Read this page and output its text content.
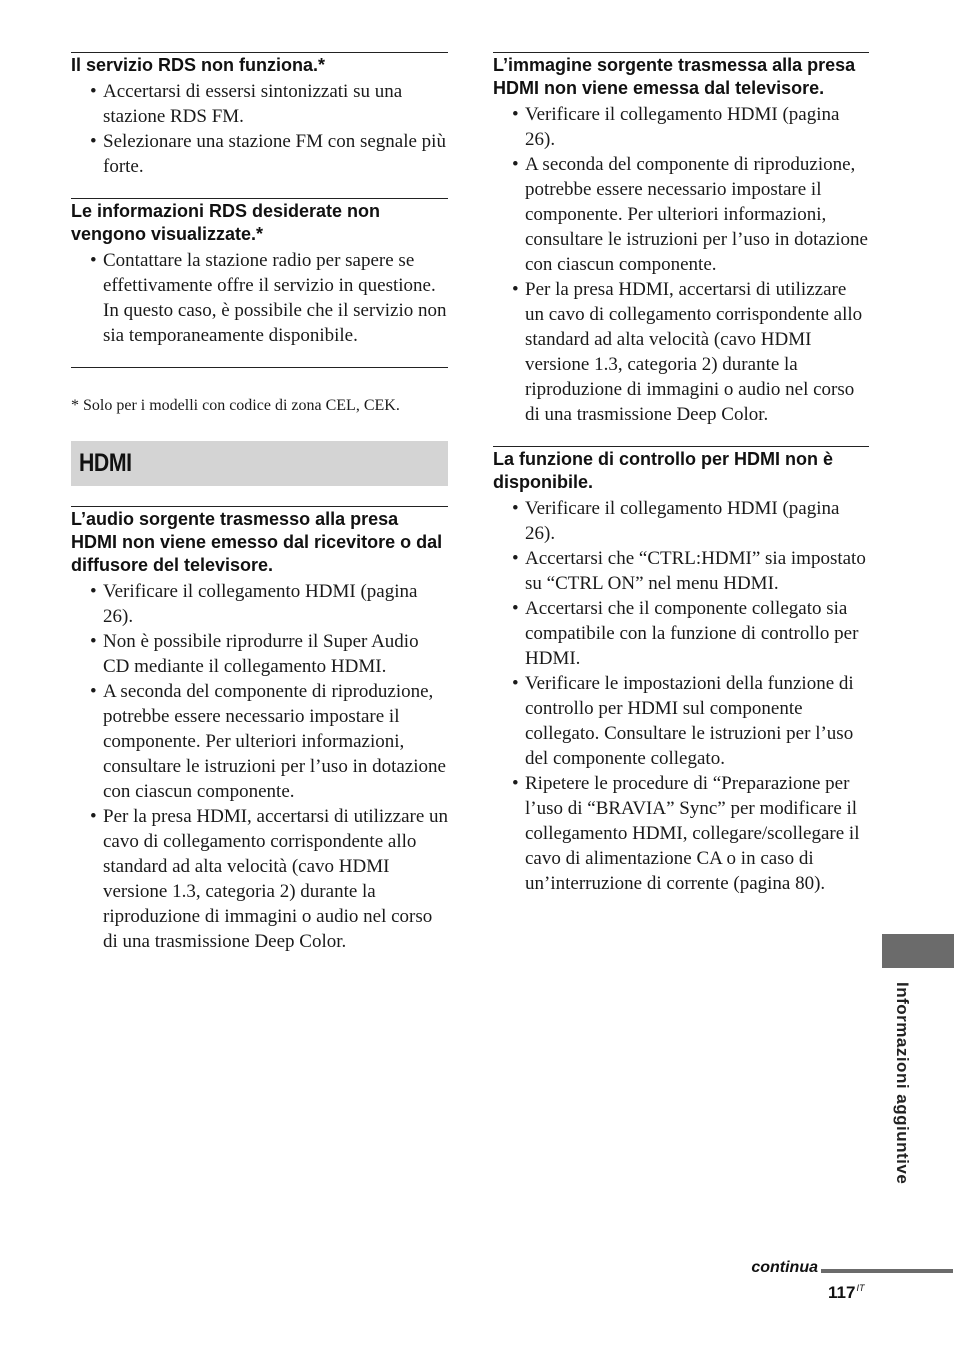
Il servizio RDS non funziona.*
• Accertarsi di essersi sintonizzati su una stazione RDS FM.
• Selezionare una stazione FM con segnale più forte.
Le informazioni RDS desiderate non vengono visualizzate.*
• Contattare la stazione radio per sapere se effettivamente offre il servizio in questione. In questo caso, è possibile che il servizio non sia temporaneamente disponibile.
* Solo per i modelli con codice di zona CEL, CEK.
HDMI
L’audio sorgente trasmesso alla presa HDMI non viene emesso dal ricevitore o dal diffusore del televisore.
• Verificare il collegamento HDMI (pagina 26).
• Non è possibile riprodurre il Super Audio CD mediante il collegamento HDMI.
• A seconda del componente di riproduzione, potrebbe essere necessario impostare il componente. Per ulteriori informazioni, consultare le istruzioni per l’uso in dotazione con ciascun componente.
• Per la presa HDMI, accertarsi di utilizzare un cavo di collegamento corrispondente allo standard ad alta velocità (cavo HDMI versione 1.3, categoria 2) durante la riproduzione di immagini o audio nel corso di una trasmissione Deep Color.
L’immagine sorgente trasmessa alla presa HDMI non viene emessa dal televisore.
• Verificare il collegamento HDMI (pagina 26).
• A seconda del componente di riproduzione, potrebbe essere necessario impostare il componente. Per ulteriori informazioni, consultare le istruzioni per l’uso in dotazione con ciascun componente.
• Per la presa HDMI, accertarsi di utilizzare un cavo di collegamento corrispondente allo standard ad alta velocità (cavo HDMI versione 1.3, categoria 2) durante la riproduzione di immagini o audio nel corso di una trasmissione Deep Color.
La funzione di controllo per HDMI non è disponibile.
• Verificare il collegamento HDMI (pagina 26).
• Accertarsi che “CTRL:HDMI” sia impostato su “CTRL ON” nel menu HDMI.
• Accertarsi che il componente collegato sia compatibile con la funzione di controllo per HDMI.
• Verificare le impostazioni della funzione di controllo per HDMI sul componente collegato. Consultare le istruzioni per l’uso del componente collegato.
• Ripetere le procedure di “Preparazione per l’uso di “BRAVIA” Sync” per modificare il collegamento HDMI, collegare/scollegare il cavo di alimentazione CA o in caso di un’interruzione di corrente (pagina 80).
Informazioni aggiuntive
continua
$117^{IT}$
